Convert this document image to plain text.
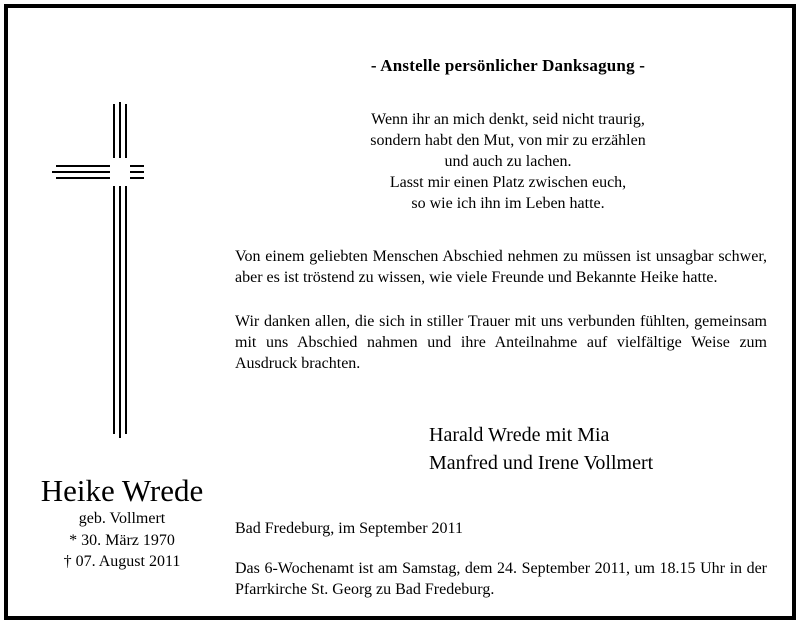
- Anstelle persönlicher Danksagung -
Wenn ihr an mich denkt, seid nicht traurig,
sondern habt den Mut, von mir zu erzählen
und auch zu lachen.
Lasst mir einen Platz zwischen euch,
so wie ich ihn im Leben hatte.
Von einem geliebten Menschen Abschied nehmen zu müssen ist unsagbar schwer, aber es ist tröstend zu wissen, wie viele Freunde und Bekannte Heike hatte.
Wir danken allen, die sich in stiller Trauer mit uns verbunden fühlten, gemeinsam mit uns Abschied nahmen und ihre Anteilnahme auf vielfältige Weise zum Ausdruck brachten.
Harald Wrede mit Mia
Manfred und Irene Vollmert
Heike Wrede
geb. Vollmert
* 30. März 1970
† 07. August 2011
Bad Fredeburg, im September 2011
Das 6-Wochenamt ist am Samstag, dem 24. September 2011, um 18.15 Uhr in der Pfarrkirche St. Georg zu Bad Fredeburg.
